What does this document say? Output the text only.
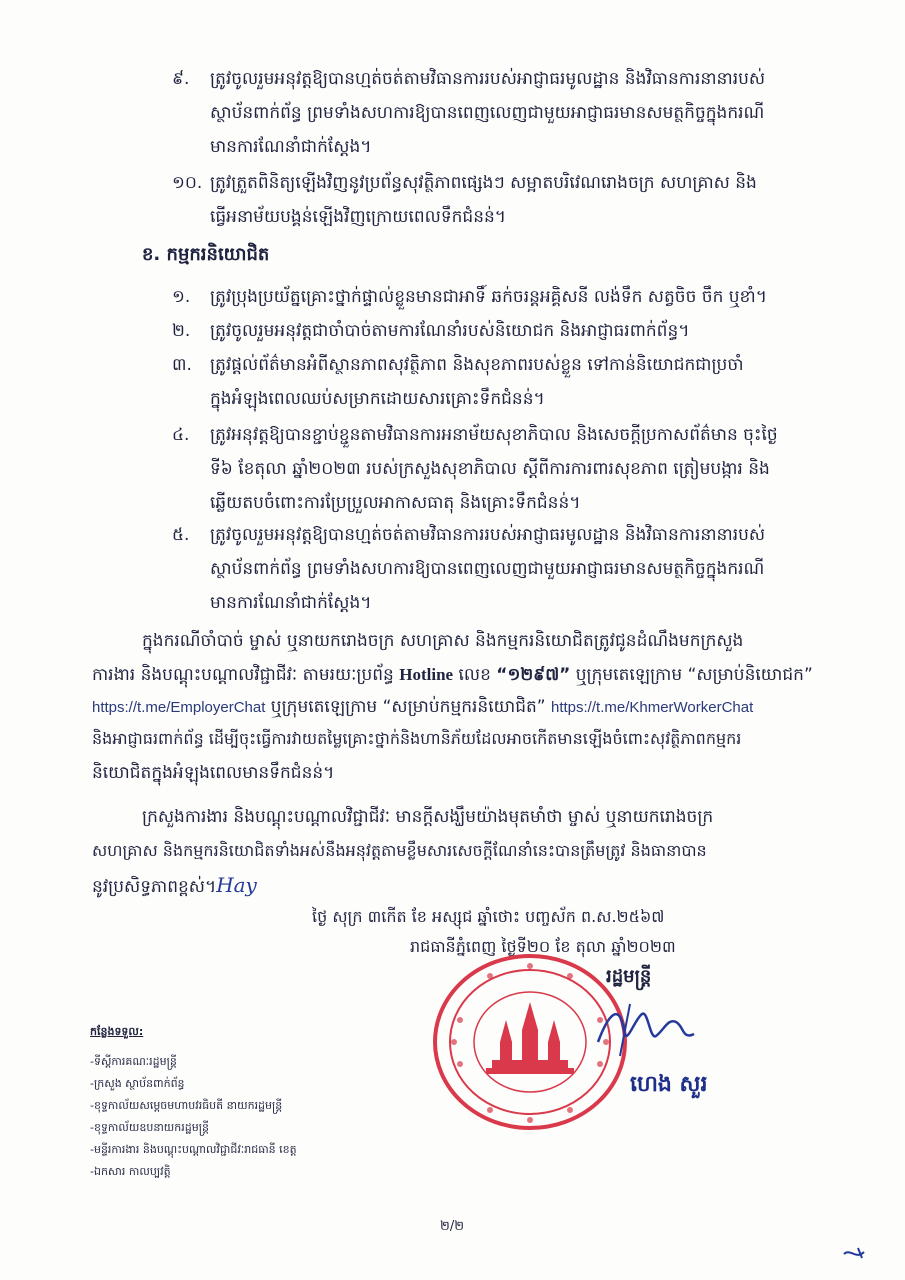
៩. ត្រូវចូលរួមអនុវត្តឱ្យបានហ្មត់ចត់តាមវិធានការរបស់អាជ្ញាធរមូលដ្ឋាន និងវិធានការនានារបស់
ស្ថាប័នពាក់ព័ន្ធ ព្រមទាំងសហការឱ្យបានពេញលេញជាមួយអាជ្ញាធរមានសមត្ថកិច្ចក្នុងករណី
មានការណែនាំជាក់ស្តែង។
១០. ត្រូវត្រួតពិនិត្យឡើងវិញនូវប្រព័ន្ធសុវត្ថិភាពផ្សេងៗ សម្អាតបរិវេណរោងចក្រ សហគ្រាស និង
ធ្វើអនាម័យបង្គន់ឡើងវិញក្រោយពេលទឹកជំនន់។
ខ. កម្មករនិយោជិត
១. ត្រូវប្រុងប្រយ័ត្នគ្រោះថ្នាក់ផ្ទាល់ខ្លួនមានជាអាទិ៍ ឆក់ចរន្តអគ្គិសនី លង់ទឹក សត្វចិច ចឹក ឬខាំ។
២. ត្រូវចូលរួមអនុវត្តជាចាំបាច់តាមការណែនាំរបស់និយោជក និងអាជ្ញាធរពាក់ព័ន្ធ។
៣. ត្រូវផ្តល់ព័ត៌មានអំពីស្ថានភាពសុវត្ថិភាព និងសុខភាពរបស់ខ្លួន ទៅកាន់និយោជកជាប្រចាំ
ក្នុងអំឡុងពេលឈប់សម្រាកដោយសារគ្រោះទឹកជំនន់។
៤. ត្រូវអនុវត្តឱ្យបានខ្ជាប់ខ្ជួនតាមវិធានការអនាម័យសុខាភិបាល និងសេចក្តីប្រកាសព័ត៌មាន ចុះថ្ងៃ
ទី៦ ខែតុលា ឆ្នាំ២០២៣ របស់ក្រសួងសុខាភិបាល ស្តីពីការការពារសុខភាព ត្រៀមបង្ការ និង
ឆ្លើយតបចំពោះការប្រែប្រួលអាកាសធាតុ និងគ្រោះទឹកជំនន់។
៥. ត្រូវចូលរួមអនុវត្តឱ្យបានហ្មត់ចត់តាមវិធានការរបស់អាជ្ញាធរមូលដ្ឋាន និងវិធានការនានារបស់
ស្ថាប័នពាក់ព័ន្ធ ព្រមទាំងសហការឱ្យបានពេញលេញជាមួយអាជ្ញាធរមានសមត្ថកិច្ចក្នុងករណី
មានការណែនាំជាក់ស្តែង។
ក្នុងករណីចាំបាច់ ម្ចាស់ ឬនាយករោងចក្រ សហគ្រាស និងកម្មករនិយោជិតត្រូវជូនដំណឹងមកក្រសួង
ការងារ និងបណ្តុះបណ្តាលវិជ្ជាជីវៈ តាមរយៈប្រព័ន្ធ Hotline លេខ “១២៩៧” ឬក្រុមតេឡេក្រាម “សម្រាប់និយោជក”
https://t.me/EmployerChat ឬក្រុមតេឡេក្រាម “សម្រាប់កម្មករនិយោជិត” https://t.me/KhmerWorkerChat
និងអាជ្ញាធរពាក់ព័ន្ធ ដើម្បីចុះធ្វើការវាយតម្លៃគ្រោះថ្នាក់និងហានិភ័យដែលអាចកើតមានឡើងចំពោះសុវត្ថិភាពកម្មករ
និយោជិតក្នុងអំឡុងពេលមានទឹកជំនន់។
ក្រសួងការងារ និងបណ្តុះបណ្តាលវិជ្ជាជីវៈ មានក្តីសង្ឃឹមយ៉ាងមុតមាំថា ម្ចាស់ ឬនាយករោងចក្រ
សហគ្រាស និងកម្មករនិយោជិតទាំងអស់នឹងអនុវត្តតាមខ្លឹមសារសេចក្តីណែនាំនេះបានត្រឹមត្រូវ និងធានាបាន
នូវប្រសិទ្ធភាពខ្ពស់។Hay
ថ្ងៃ សុក្រ ៣កើត ខែ អស្សុជ ឆ្នាំថោះ បញ្ចស័ក ព.ស.២៥៦៧
រាជធានីភ្នំពេញ ថ្ងៃទី២០ ខែ តុលា ឆ្នាំ២០២៣
រដ្ឋមន្ត្រី
ហេង សួរ
កន្លែងទទួល:
-ទីស្តីការគណៈរដ្ឋមន្ត្រី
-ក្រសួង ស្ថាប័នពាក់ព័ន្ធ
-ខុទ្ទកាល័យសម្តេចមហាបវរធិបតី នាយករដ្ឋមន្ត្រី
-ខុទ្ទកាល័យឧបនាយករដ្ឋមន្ត្រី
-មន្ទីរការងារ និងបណ្តុះបណ្តាលវិជ្ជាជីវៈរាជធានី ខេត្ត
-ឯកសារ កាលប្បវត្តិ
២/២
